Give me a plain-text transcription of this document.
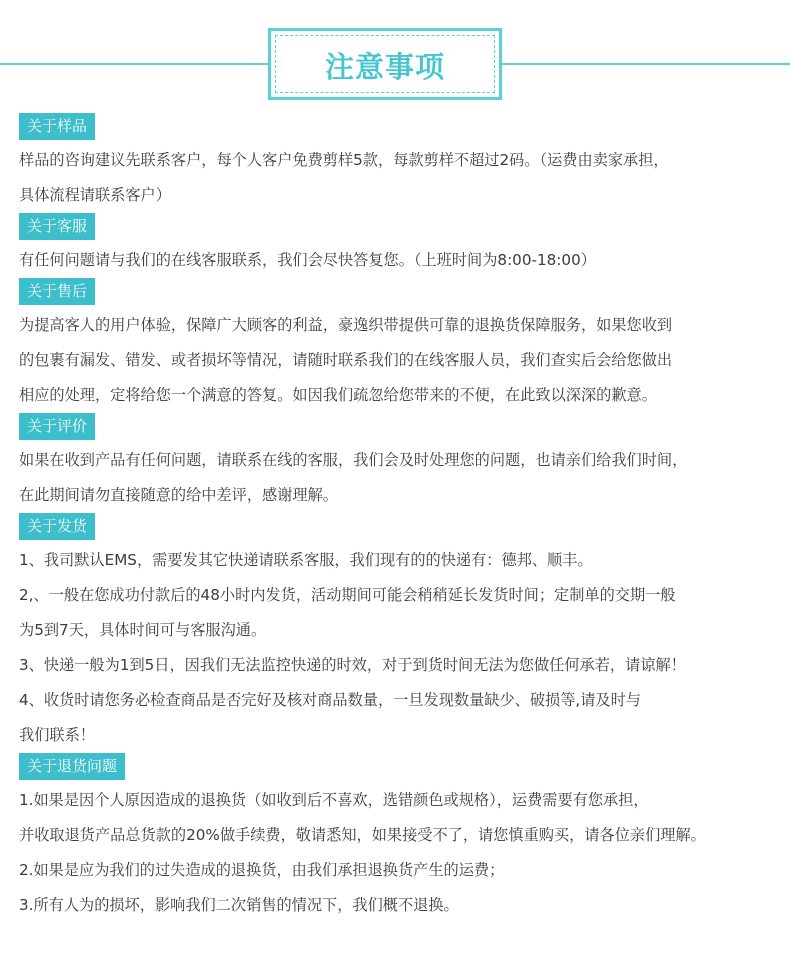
注意事项
关于样品
样品的咨询建议先联系客户，每个人客户免费剪样5款，每款剪样不超过2码。（运费由卖家承担，
具体流程请联系客户）
关于客服
有任何问题请与我们的在线客服联系，我们会尽快答复您。（上班时间为8:00-18:00）
关于售后
为提高客人的用户体验，保障广大顾客的利益，豪逸织带提供可靠的退换货保障服务，如果您收到
的包裹有漏发、错发、或者损坏等情况，请随时联系我们的在线客服人员，我们查实后会给您做出
相应的处理，定将给您一个满意的答复。如因我们疏忽给您带来的不便，在此致以深深的歉意。
关于评价
如果在收到产品有任何问题，请联系在线的客服，我们会及时处理您的问题，也请亲们给我们时间，
在此期间请勿直接随意的给中差评，感谢理解。
关于发货
1、我司默认EMS，需要发其它快递请联系客服，我们现有的的快递有：德邦、顺丰。
2,、一般在您成功付款后的48小时内发货，活动期间可能会稍稍延长发货时间；定制单的交期一般
为5到7天，具体时间可与客服沟通。
3、快递一般为1到5日，因我们无法监控快递的时效，对于到货时间无法为您做任何承若，请谅解！
4、收货时请您务必检查商品是否完好及核对商品数量，一旦发现数量缺少、破损等,请及时与
我们联系！
关于退货问题
1.如果是因个人原因造成的退换货（如收到后不喜欢，选错颜色或规格），运费需要有您承担，
并收取退货产品总货款的20%做手续费，敬请悉知，如果接受不了，请您慎重购买，请各位亲们理解。
2.如果是应为我们的过失造成的退换货，由我们承担退换货产生的运费；
3.所有人为的损坏，影响我们二次销售的情况下，我们概不退换。
